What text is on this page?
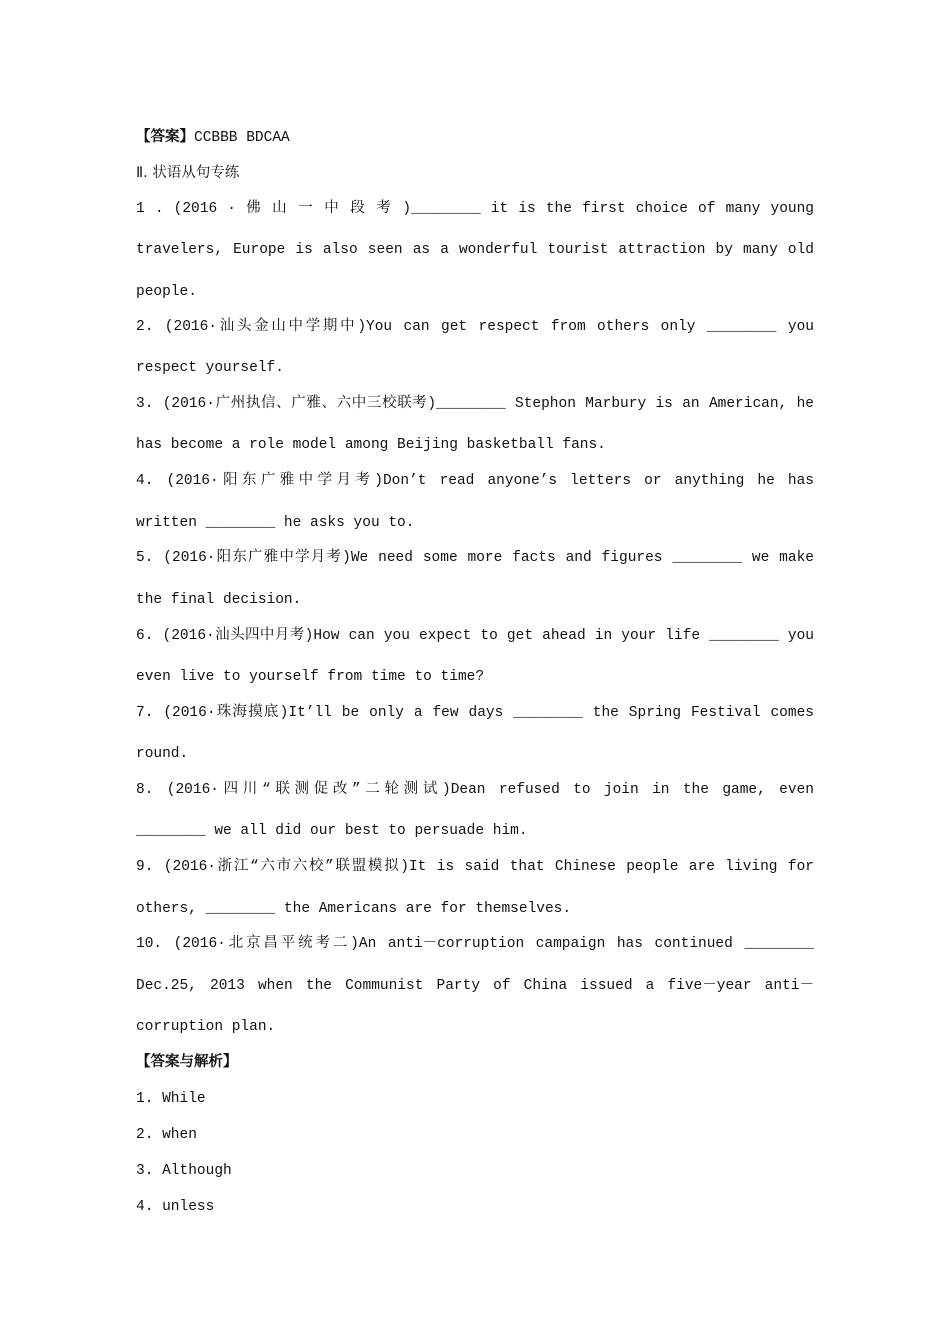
【答案】CCBBB BDCAA
Ⅱ. 状语从句专练
1 . (2016 · 佛 山 一 中 段 考 )________ it is the first choice of many young
travelers, Europe is also seen as a wonderful tourist attraction by many old
people.
2. (2016·汕头金山中学期中)You can get respect from others only ________ you
respect yourself.
3. (2016·广州执信、广雅、六中三校联考)________ Stephon Marbury is an American, he
has become a role model among Beijing basketball fans.
4. (2016·阳东广雅中学月考)Don’t read anyone’s letters or anything he has
written ________ he asks you to.
5. (2016·阳东广雅中学月考)We need some more facts and figures ________ we make
the final decision.
6. (2016·汕头四中月考)How can you expect to get ahead in your life ________ you
even live to yourself from time to time?
7. (2016·珠海摸底)It’ll be only a few days ________ the Spring Festival comes
round.
8. (2016·四川“联测促改”二轮测试)Dean refused to join in the game, even
________ we all did our best to persuade him.
9. (2016·浙江“六市六校”联盟模拟)It is said that Chinese people are living for
others, ________ the Americans are for themselves.
10. (2016·北京昌平统考二)An anti－corruption campaign has continued ________
Dec.25, 2013 when the Communist Party of China issued a five－year anti－
corruption plan.
【答案与解析】
1. While
2. when
3. Although
4. unless
